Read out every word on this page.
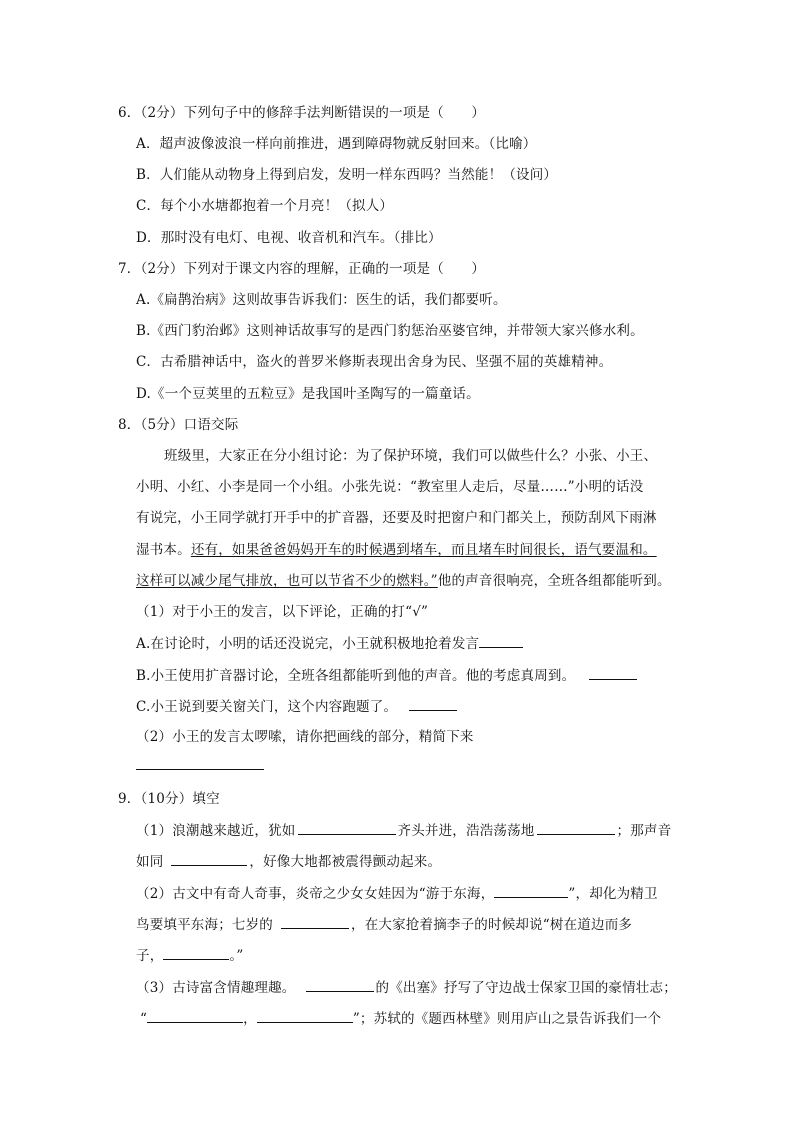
6．（2分）下列句子中的修辞手法判断错误的一项是（　　）
A．超声波像波浪一样向前推进，遇到障碍物就反射回来。（比喻）
B．人们能从动物身上得到启发，发明一样东西吗？当然能！（设问）
C．每个小水塘都抱着一个月亮！（拟人）
D．那时没有电灯、电视、收音机和汽车。（排比）
7．（2分）下列对于课文内容的理解，正确的一项是（　　）
A.《扁鹊治病》这则故事告诉我们：医生的话，我们都要听。
B.《西门豹治邺》这则神话故事写的是西门豹惩治巫婆官绅，并带领大家兴修水利。
C．古希腊神话中，盗火的普罗米修斯表现出舍身为民、坚强不屈的英雄精神。
D.《一个豆荚里的五粒豆》是我国叶圣陶写的一篇童话。
8．（5分）口语交际
班级里，大家正在分小组讨论：为了保护环境，我们可以做些什么？小张、小王、
小明、小红、小李是同一个小组。小张先说：“教室里人走后，尽量……”小明的话没
有说完，小王同学就打开手中的扩音器，还要及时把窗户和门都关上，预防刮风下雨淋
湿书本。还有，如果爸爸妈妈开车的时候遇到堵车，而且堵车时间很长，语气要温和。
这样可以减少尾气排放，也可以节省不少的燃料。”他的声音很响亮，全班各组都能听到。
（1）对于小王的发言，以下评论，正确的打“√”
A.在讨论时，小明的话还没说完，小王就积极地抢着发言
B.小王使用扩音器讨论，全班各组都能听到他的声音。他的考虑真周到。
C.小王说到要关窗关门，这个内容跑题了。
（2）小王的发言太啰嗦，请你把画线的部分，精简下来
9．（10分）填空
（1）浪潮越来越近，犹如	齐头并进，浩浩荡荡地	；那声音
如同	，好像大地都被震得颤动起来。
（2）古文中有奇人奇事，炎帝之少女女娃因为“游于东海，	”，却化为精卫
鸟要填平东海；七岁的	，在大家抢着摘李子的时候却说“树在道边而多
子，	。”
（3）古诗富含情趣理趣。	的《出塞》抒写了守边战士保家卫国的豪情壮志；
“	，	”；苏轼的《题西林壁》则用庐山之景告诉我们一个
